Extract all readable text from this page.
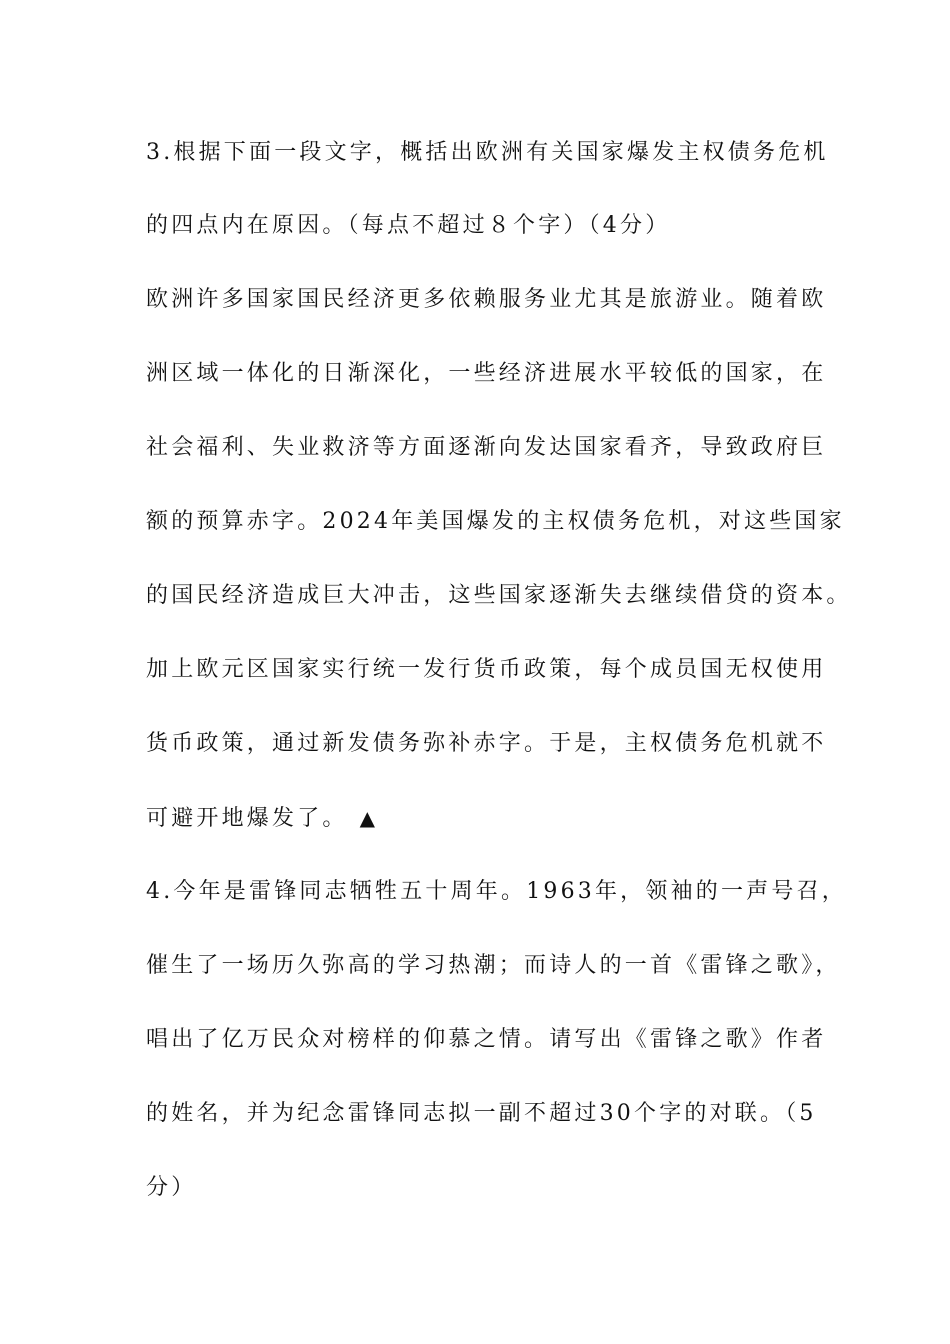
3.根据下面一段文字，概括出欧洲有关国家爆发主权债务危机
的四点内在原因。（每点不超过８个字）（4分）
欧洲许多国家国民经济更多依赖服务业尤其是旅游业。随着欧
洲区域一体化的日渐深化，一些经济进展水平较低的国家，在
社会福利、失业救济等方面逐渐向发达国家看齐，导致政府巨
额的预算赤字。2024年美国爆发的主权债务危机，对这些国家
的国民经济造成巨大冲击，这些国家逐渐失去继续借贷的资本。
加上欧元区国家实行统一发行货币政策，每个成员国无权使用
货币政策，通过新发债务弥补赤字。于是，主权债务危机就不
可避开地爆发了。 ▲
4.今年是雷锋同志牺牲五十周年。1963年，领袖的一声号召，
催生了一场历久弥高的学习热潮；而诗人的一首《雷锋之歌》，
唱出了亿万民众对榜样的仰慕之情。请写出《雷锋之歌》作者
的姓名，并为纪念雷锋同志拟一副不超过30个字的对联。（5
分）
